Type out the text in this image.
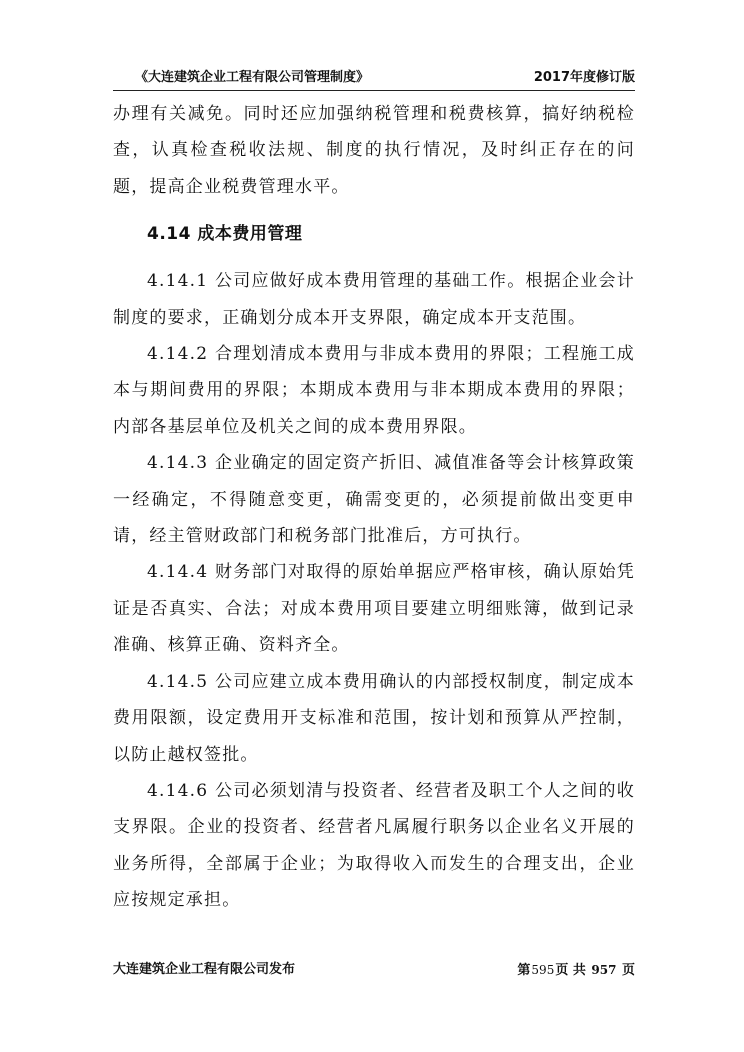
《大连建筑企业工程有限公司管理制度》	2017年度修订版

办理有关减免。同时还应加强纳税管理和税费核算，搞好纳税检查，认真检查税收法规、制度的执行情况，及时纠正存在的问题，提高企业税费管理水平。

4.14 成本费用管理

4.14.1 公司应做好成本费用管理的基础工作。根据企业会计制度的要求，正确划分成本开支界限，确定成本开支范围。

4.14.2 合理划清成本费用与非成本费用的界限；工程施工成本与期间费用的界限；本期成本费用与非本期成本费用的界限；内部各基层单位及机关之间的成本费用界限。

4.14.3 企业确定的固定资产折旧、减值准备等会计核算政策一经确定，不得随意变更，确需变更的，必须提前做出变更申请，经主管财政部门和税务部门批准后，方可执行。

4.14.4 财务部门对取得的原始单据应严格审核，确认原始凭证是否真实、合法；对成本费用项目要建立明细账簿，做到记录准确、核算正确、资料齐全。

4.14.5 公司应建立成本费用确认的内部授权制度，制定成本费用限额，设定费用开支标准和范围，按计划和预算从严控制，以防止越权签批。

4.14.6 公司必须划清与投资者、经营者及职工个人之间的收支界限。企业的投资者、经营者凡属履行职务以企业名义开展的业务所得，全部属于企业；为取得收入而发生的合理支出，企业应按规定承担。

大连建筑企业工程有限公司发布	第595页 共 957 页
